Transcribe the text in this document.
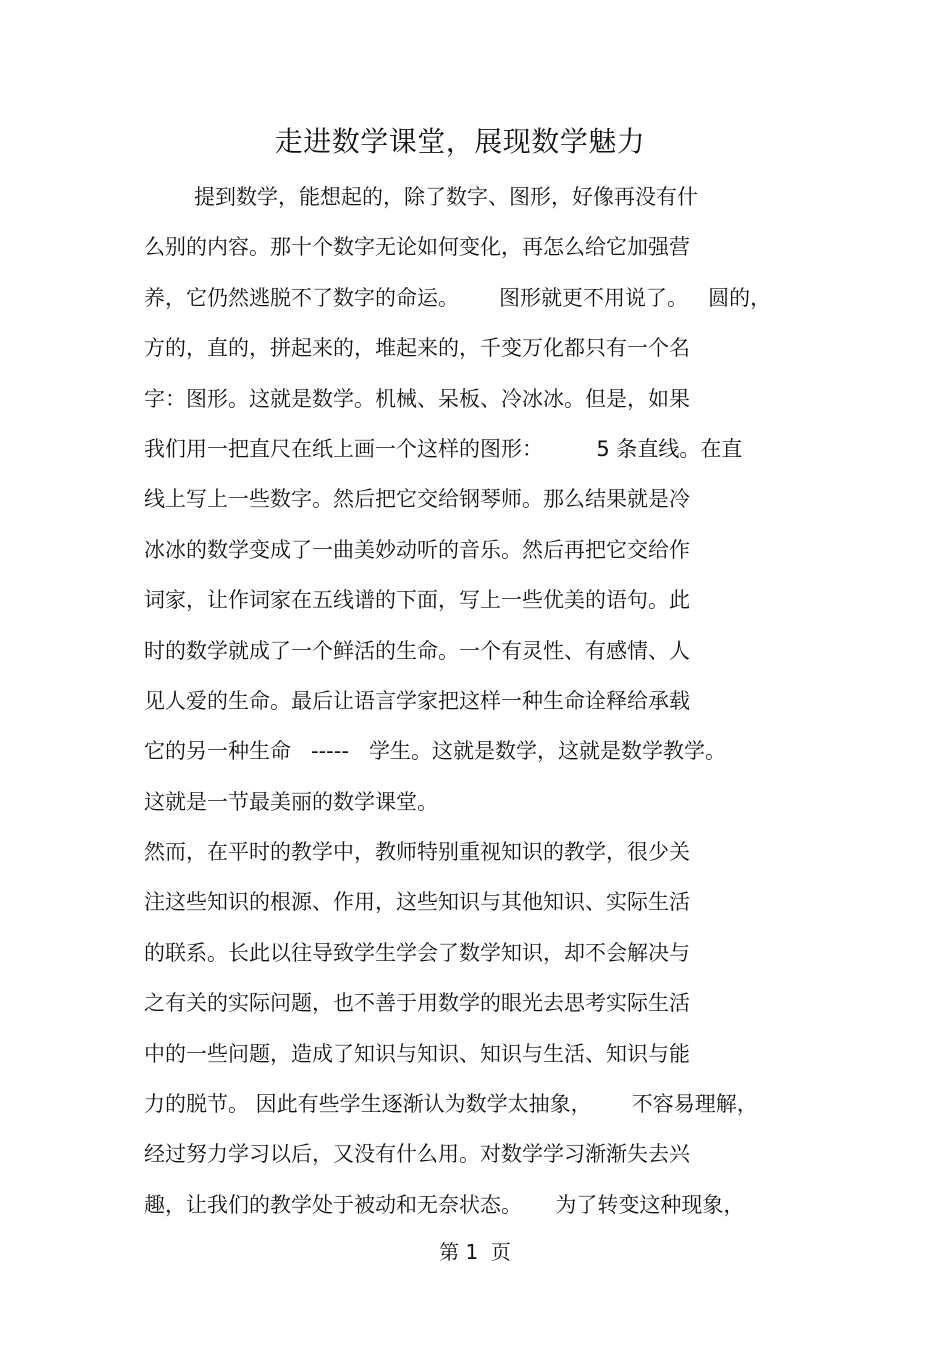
走进数学课堂，展现数学魅力
提到数学，能想起的，除了数字、图形，好像再没有什
么别的内容。那十个数字无论如何变化，再怎么给它加强营
养，它仍然逃脱不了数字的命运。      图形就更不用说了。   圆的，
方的，直的，拼起来的，堆起来的，千变万化都只有一个名
字：图形。这就是数学。机械、呆板、冷冰冰。但是，如果
我们用一把直尺在纸上画一个这样的图形：        5 条直线。在直
线上写上一些数字。然后把它交给钢琴师。那么结果就是冷
冰冰的数学变成了一曲美妙动听的音乐。然后再把它交给作
词家，让作词家在五线谱的下面，写上一些优美的语句。此
时的数学就成了一个鲜活的生命。一个有灵性、有感情、人
见人爱的生命。最后让语言学家把这样一种生命诠释给承载
它的另一种生命   -----   学生。这就是数学，这就是数学教学。
这就是一节最美丽的数学课堂。
然而，在平时的教学中，教师特别重视知识的教学，很少关
注这些知识的根源、作用，这些知识与其他知识、实际生活
的联系。长此以往导致学生学会了数学知识，却不会解决与
之有关的实际问题，也不善于用数学的眼光去思考实际生活
中的一些问题，造成了知识与知识、知识与生活、知识与能
力的脱节。 因此有些学生逐渐认为数学太抽象，      不容易理解，
经过努力学习以后，又没有什么用。对数学学习渐渐失去兴
趣，让我们的教学处于被动和无奈状态。     为了转变这种现象，
第 1  页
